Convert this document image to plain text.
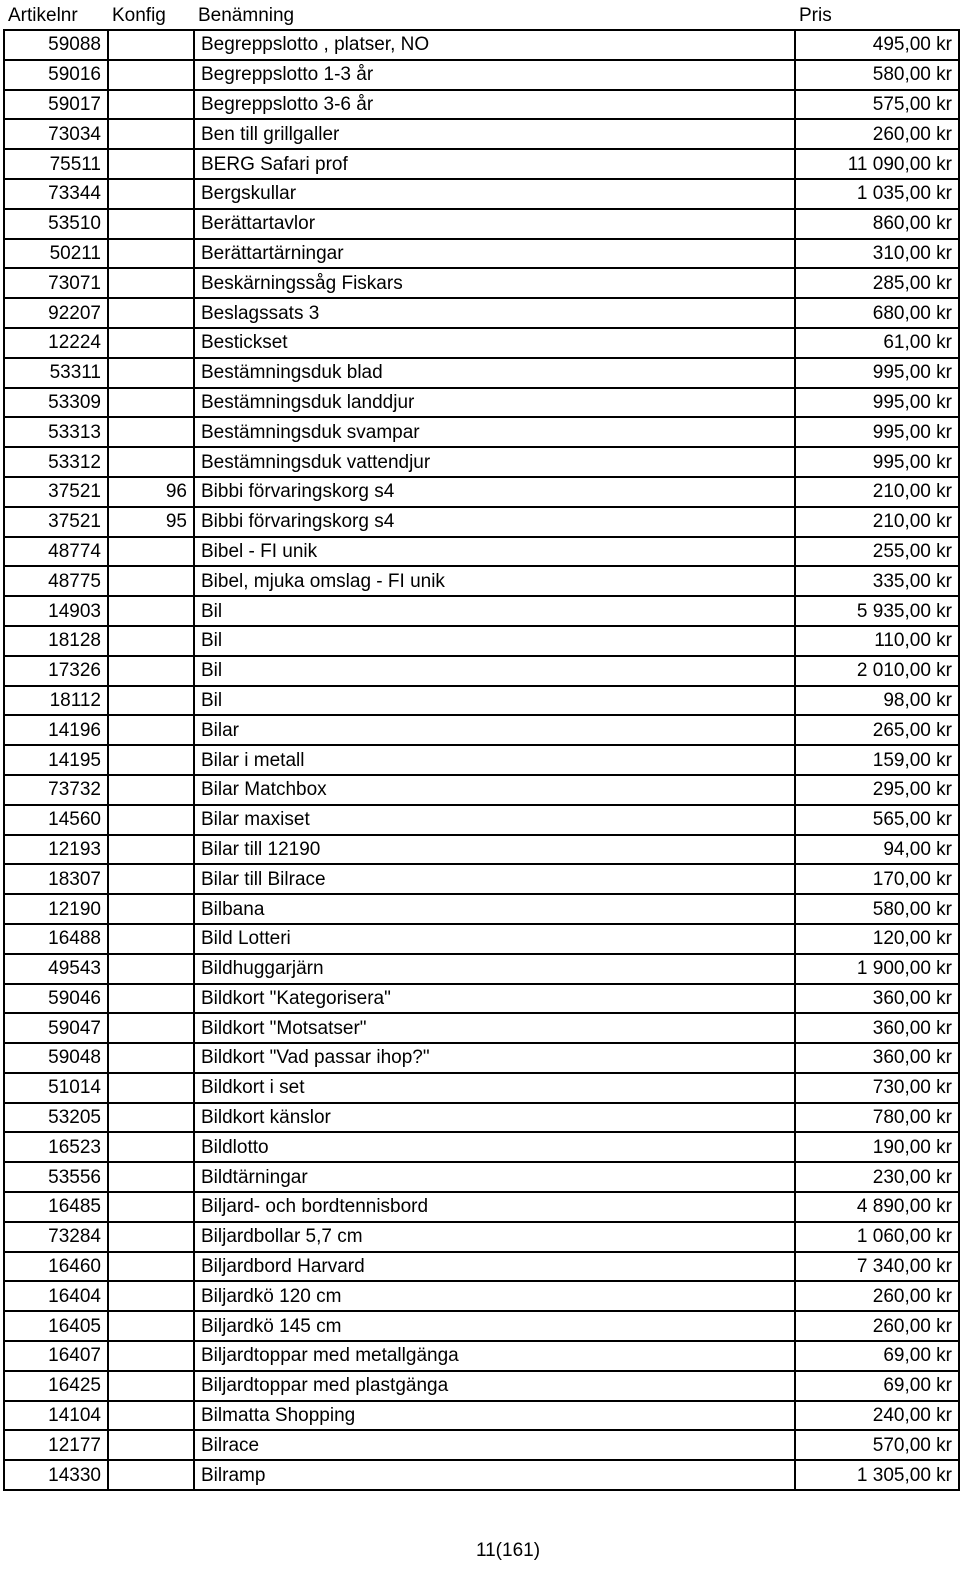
Artikelnr	Konfig	Benämning	Pris
59088		Begreppslotto , platser, NO	495,00 kr
59016		Begreppslotto 1-3 år	580,00 kr
59017		Begreppslotto 3-6 år	575,00 kr
73034		Ben till grillgaller	260,00 kr
75511		BERG Safari prof	11 090,00 kr
73344		Bergskullar	1 035,00 kr
53510		Berättartavlor	860,00 kr
50211		Berättartärningar	310,00 kr
73071		Beskärningssåg Fiskars	285,00 kr
92207		Beslagssats 3	680,00 kr
12224		Bestickset	61,00 kr
53311		Bestämningsduk blad	995,00 kr
53309		Bestämningsduk landdjur	995,00 kr
53313		Bestämningsduk svampar	995,00 kr
53312		Bestämningsduk vattendjur	995,00 kr
37521	96	Bibbi förvaringskorg s4	210,00 kr
37521	95	Bibbi förvaringskorg s4	210,00 kr
48774		Bibel - FI unik	255,00 kr
48775		Bibel, mjuka omslag - FI unik	335,00 kr
14903		Bil	5 935,00 kr
18128		Bil	110,00 kr
17326		Bil	2 010,00 kr
18112		Bil	98,00 kr
14196		Bilar	265,00 kr
14195		Bilar i metall	159,00 kr
73732		Bilar Matchbox	295,00 kr
14560		Bilar maxiset	565,00 kr
12193		Bilar till 12190	94,00 kr
18307		Bilar till Bilrace	170,00 kr
12190		Bilbana	580,00 kr
16488		Bild Lotteri	120,00 kr
49543		Bildhuggarjärn	1 900,00 kr
59046		Bildkort "Kategorisera"	360,00 kr
59047		Bildkort "Motsatser"	360,00 kr
59048		Bildkort "Vad passar ihop?"	360,00 kr
51014		Bildkort i set	730,00 kr
53205		Bildkort känslor	780,00 kr
16523		Bildlotto	190,00 kr
53556		Bildtärningar	230,00 kr
16485		Biljard- och bordtennisbord	4 890,00 kr
73284		Biljardbollar 5,7 cm	1 060,00 kr
16460		Biljardbord Harvard	7 340,00 kr
16404		Biljardkö 120 cm	260,00 kr
16405		Biljardkö 145 cm	260,00 kr
16407		Biljardtoppar med metallgänga	69,00 kr
16425		Biljardtoppar med plastgänga	69,00 kr
14104		Bilmatta Shopping	240,00 kr
12177		Bilrace	570,00 kr
14330		Bilramp	1 305,00 kr
11(161)
